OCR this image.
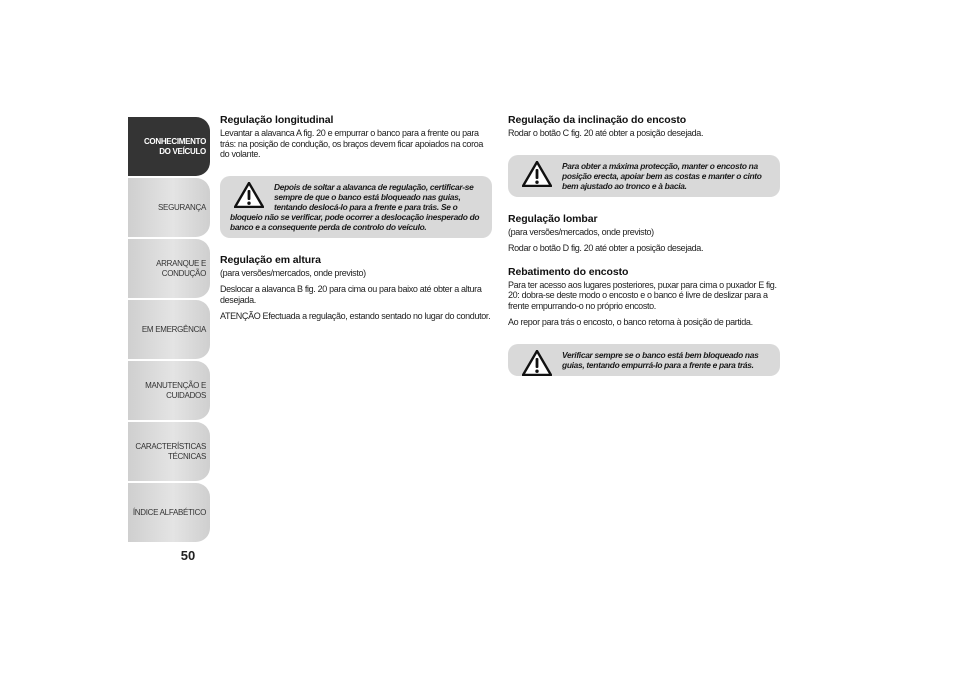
CONHECIMENTO
DO VEÍCULO
SEGURANÇA
ARRANQUE E
CONDUÇÃO
EM EMERGÊNCIA
MANUTENÇÃO E
CUIDADOS
CARACTERÍSTICAS
TÉCNICAS
ÍNDICE ALFABÉTICO
50
Regulação longitudinal

Levantar a alavanca A fig. 20 e empurrar o banco para a frente ou para trás: na posição de condução, os braços devem ficar apoiados na coroa do volante.

Depois de soltar a alavanca de regulação, certificar-se sempre de que o banco está bloqueado nas guias, tentando deslocá-lo para a frente e para trás. Se o bloqueio não se verificar, pode ocorrer a deslocação inesperado do banco e a consequente perda de controlo do veículo.
Regulação em altura

(para versões/mercados, onde previsto)

Deslocar a alavanca B fig. 20 para cima ou para baixo até obter a altura desejada.

ATENÇÃO Efectuada a regulação, estando sentado no lugar do condutor.

Regulação da inclinação do encosto

Rodar o botão C fig. 20 até obter a posição desejada.

Para obter a máxima protecção, manter o encosto na posição erecta, apoiar bem as costas e manter o cinto bem ajustado ao tronco e à bacia.
Regulação lombar

(para versões/mercados, onde previsto)

Rodar o botão D fig. 20 até obter a posição desejada.

Rebatimento do encosto

Para ter acesso aos lugares posteriores, puxar para cima o puxador E fig. 20: dobra-se deste modo o encosto e o banco é livre de deslizar para a frente empurrando-o no próprio encosto.

Ao repor para trás o encosto, o banco retorna à posição de partida.

Verificar sempre se o banco está bem bloqueado nas guias, tentando empurrá-lo para a frente e para trás.
